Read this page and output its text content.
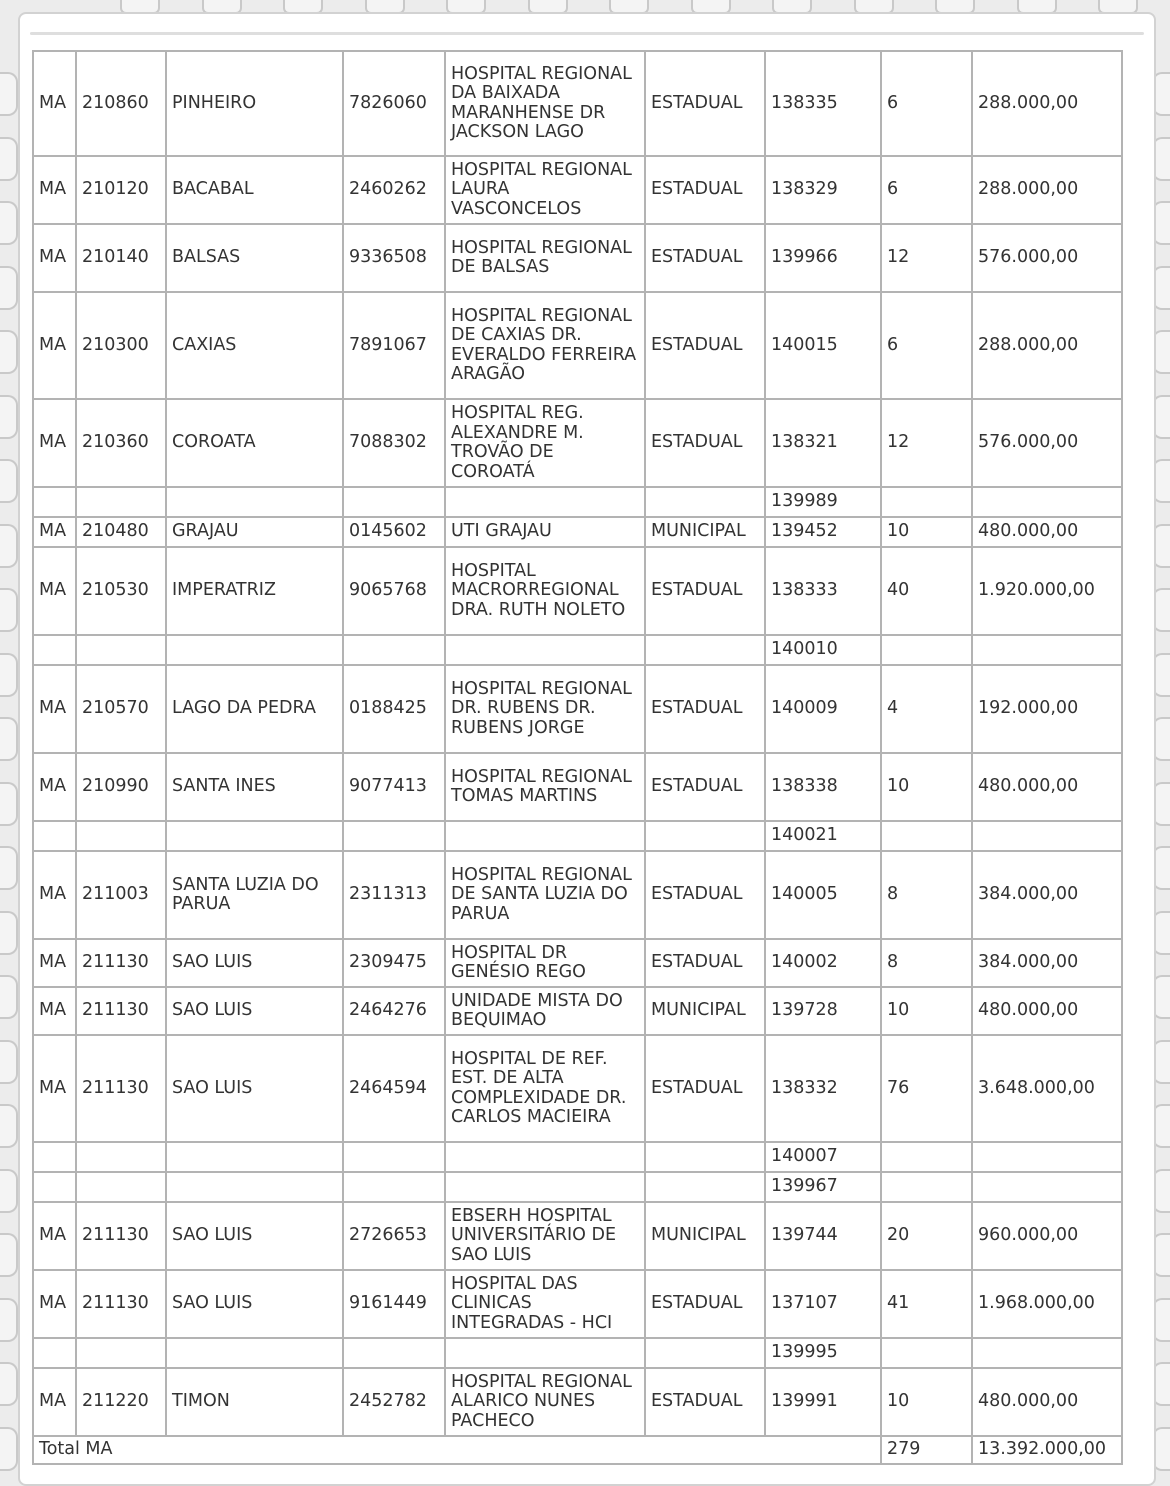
MA	210860	PINHEIRO	7826060	HOSPITAL REGIONAL DA BAIXADA MARANHENSE DR JACKSON LAGO	ESTADUAL	138335	6	288.000,00
MA	210120	BACABAL	2460262	HOSPITAL REGIONAL LAURA VASCONCELOS	ESTADUAL	138329	6	288.000,00
MA	210140	BALSAS	9336508	HOSPITAL REGIONAL DE BALSAS	ESTADUAL	139966	12	576.000,00
MA	210300	CAXIAS	7891067	HOSPITAL REGIONAL DE CAXIAS DR. EVERALDO FERREIRA ARAGÃO	ESTADUAL	140015	6	288.000,00
MA	210360	COROATA	7088302	HOSPITAL REG. ALEXANDRE M. TROVÃO DE COROATÁ	ESTADUAL	138321	12	576.000,00
						139989		
MA	210480	GRAJAU	0145602	UTI GRAJAU	MUNICIPAL	139452	10	480.000,00
MA	210530	IMPERATRIZ	9065768	HOSPITAL MACRORREGIONAL DRA. RUTH NOLETO	ESTADUAL	138333	40	1.920.000,00
						140010		
MA	210570	LAGO DA PEDRA	0188425	HOSPITAL REGIONAL DR. RUBENS DR. RUBENS JORGE	ESTADUAL	140009	4	192.000,00
MA	210990	SANTA INES	9077413	HOSPITAL REGIONAL TOMAS MARTINS	ESTADUAL	138338	10	480.000,00
						140021		
MA	211003	SANTA LUZIA DO PARUA	2311313	HOSPITAL REGIONAL DE SANTA LUZIA DO PARUA	ESTADUAL	140005	8	384.000,00
MA	211130	SAO LUIS	2309475	HOSPITAL DR GENÉSIO REGO	ESTADUAL	140002	8	384.000,00
MA	211130	SAO LUIS	2464276	UNIDADE MISTA DO BEQUIMAO	MUNICIPAL	139728	10	480.000,00
MA	211130	SAO LUIS	2464594	HOSPITAL DE REF. EST. DE ALTA COMPLEXIDADE DR. CARLOS MACIEIRA	ESTADUAL	138332	76	3.648.000,00
						140007		
						139967		
MA	211130	SAO LUIS	2726653	EBSERH HOSPITAL UNIVERSITÁRIO DE SAO LUIS	MUNICIPAL	139744	20	960.000,00
MA	211130	SAO LUIS	9161449	HOSPITAL DAS CLINICAS INTEGRADAS - HCI	ESTADUAL	137107	41	1.968.000,00
						139995		
MA	211220	TIMON	2452782	HOSPITAL REGIONAL ALARICO NUNES PACHECO	ESTADUAL	139991	10	480.000,00
Total MA							279	13.392.000,00
